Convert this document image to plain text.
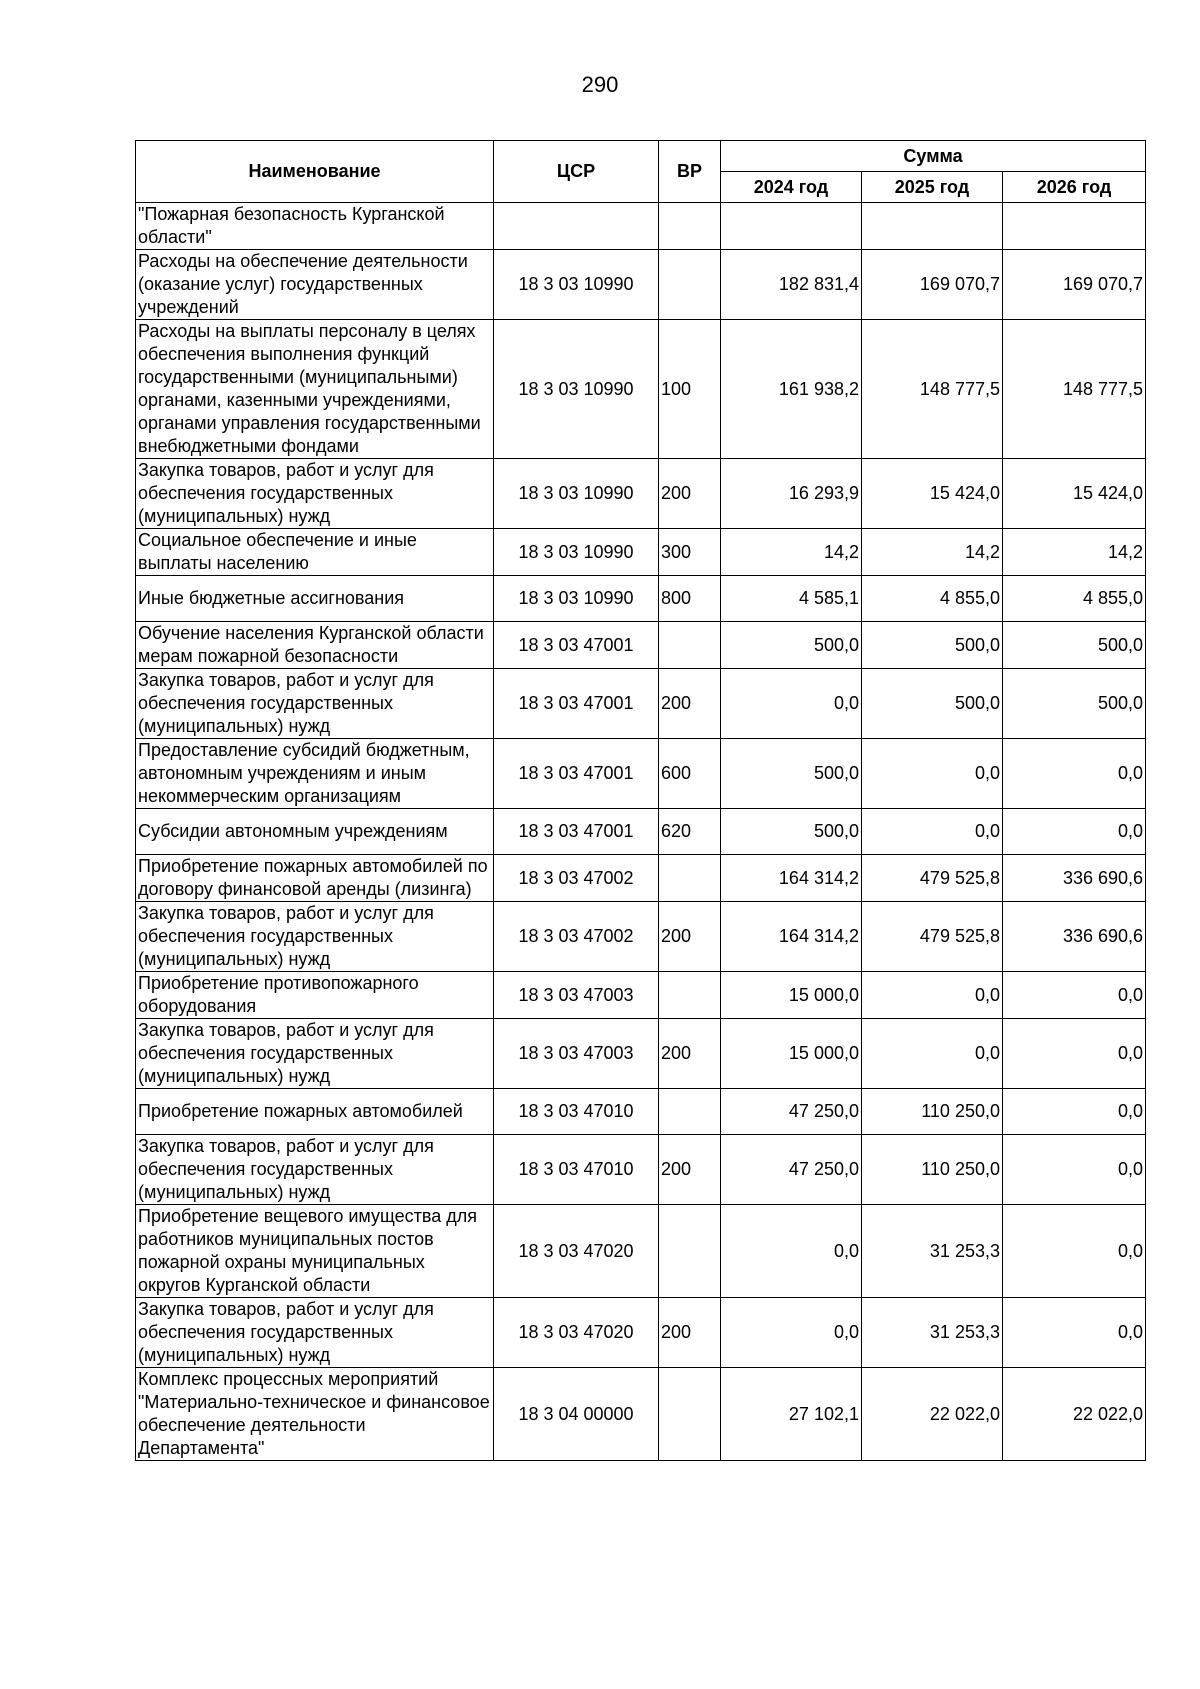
290
Наименование	ЦСР	ВР	Сумма		
			2024 год	2025 год	2026 год
"Пожарная безопасность Курганской области"					
Расходы на обеспечение деятельности (оказание услуг) государственных учреждений	18 3 03 10990		182 831,4	169 070,7	169 070,7
Расходы на выплаты персоналу в целях обеспечения выполнения функций государственными (муниципальными) органами, казенными учреждениями, органами управления государственными внебюджетными фондами	18 3 03 10990	100	161 938,2	148 777,5	148 777,5
Закупка товаров, работ и услуг для обеспечения государственных (муниципальных) нужд	18 3 03 10990	200	16 293,9	15 424,0	15 424,0
Социальное обеспечение и иные выплаты населению	18 3 03 10990	300	14,2	14,2	14,2
Иные бюджетные ассигнования	18 3 03 10990	800	4 585,1	4 855,0	4 855,0
Обучение населения Курганской области мерам пожарной безопасности	18 3 03 47001		500,0	500,0	500,0
Закупка товаров, работ и услуг для обеспечения государственных (муниципальных) нужд	18 3 03 47001	200	0,0	500,0	500,0
Предоставление субсидий бюджетным, автономным учреждениям и иным некоммерческим организациям	18 3 03 47001	600	500,0	0,0	0,0
Субсидии автономным учреждениям	18 3 03 47001	620	500,0	0,0	0,0
Приобретение пожарных автомобилей по договору финансовой аренды (лизинга)	18 3 03 47002		164 314,2	479 525,8	336 690,6
Закупка товаров, работ и услуг для обеспечения государственных (муниципальных) нужд	18 3 03 47002	200	164 314,2	479 525,8	336 690,6
Приобретение противопожарного оборудования	18 3 03 47003		15 000,0	0,0	0,0
Закупка товаров, работ и услуг для обеспечения государственных (муниципальных) нужд	18 3 03 47003	200	15 000,0	0,0	0,0
Приобретение пожарных автомобилей	18 3 03 47010		47 250,0	110 250,0	0,0
Закупка товаров, работ и услуг для обеспечения государственных (муниципальных) нужд	18 3 03 47010	200	47 250,0	110 250,0	0,0
Приобретение вещевого имущества для работников муниципальных постов пожарной охраны муниципальных округов Курганской области	18 3 03 47020		0,0	31 253,3	0,0
Закупка товаров, работ и услуг для обеспечения государственных (муниципальных) нужд	18 3 03 47020	200	0,0	31 253,3	0,0
Комплекс процессных мероприятий "Материально-техническое и финансовое обеспечение деятельности Департамента"	18 3 04 00000		27 102,1	22 022,0	22 022,0
